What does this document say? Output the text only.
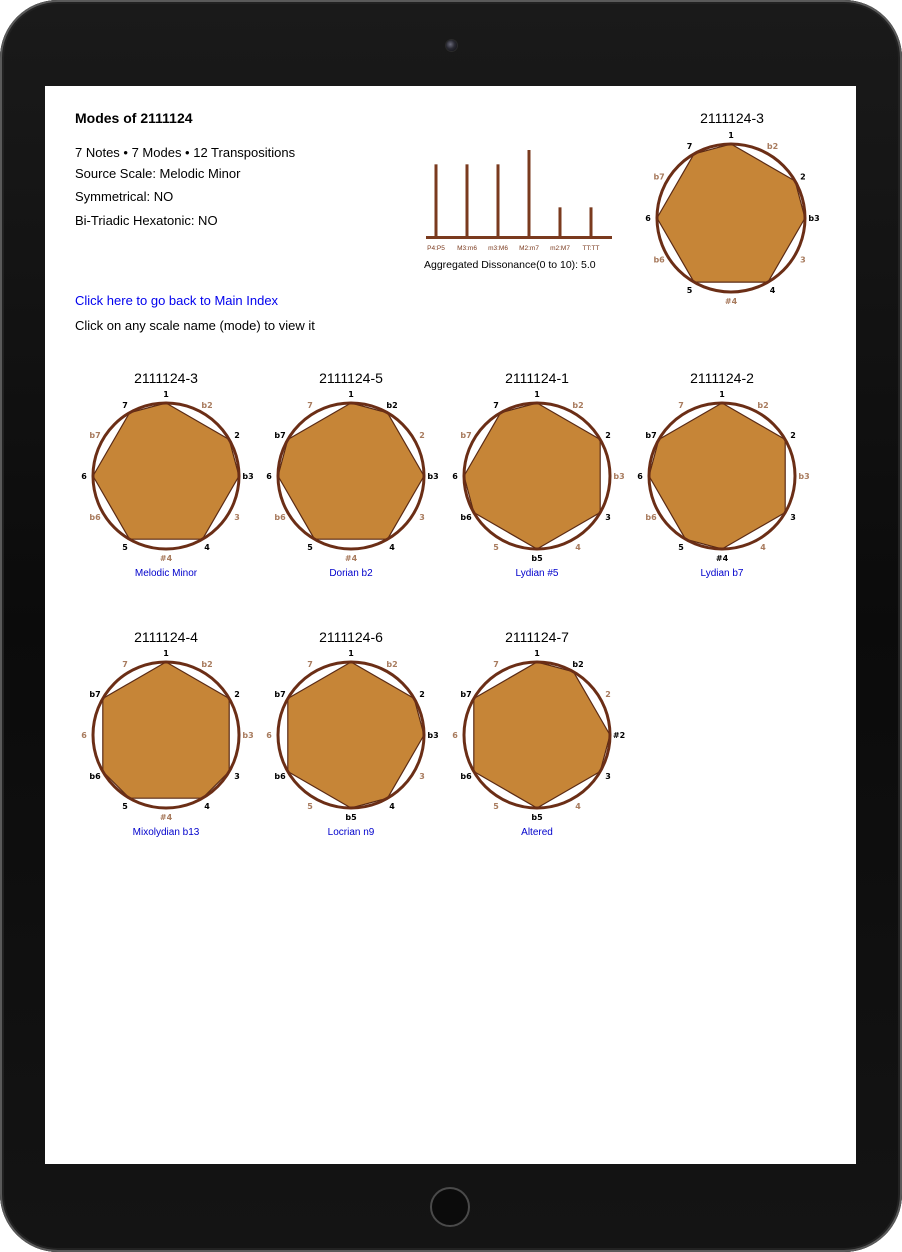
Modes of 2111124
7 Notes • 7 Modes • 12 Transpositions
Source Scale: Melodic Minor
Symmetrical: NO
Bi-Triadic Hexatonic: NO
Click here to go back to Main Index
Click on any scale name (mode) to view it
P4:P5 M3:m6 m3:M6 M2:m7 m2:M7 TT:TT
Aggregated Dissonance(0 to 10): 5.0
2111124-3
1
b2
2
b3
3
4
#4
5
b6
6
b7
7
2111124-3
1
b2
2
b3
3
4
#4
5
b6
6
b7
7
Melodic Minor
2111124-5
1
b2
2
b3
3
4
#4
5
b6
6
b7
7
Dorian b2
2111124-1
1
b2
2
b3
3
4
b5
5
b6
6
b7
7
Lydian #5
2111124-2
1
b2
2
b3
3
4
#4
5
b6
6
b7
7
Lydian b7
2111124-4
1
b2
2
b3
3
4
#4
5
b6
6
b7
7
Mixolydian b13
2111124-6
1
b2
2
b3
3
4
b5
5
b6
6
b7
7
Locrian n9
2111124-7
1
b2
2
#2
3
4
b5
5
b6
6
b7
7
Altered
